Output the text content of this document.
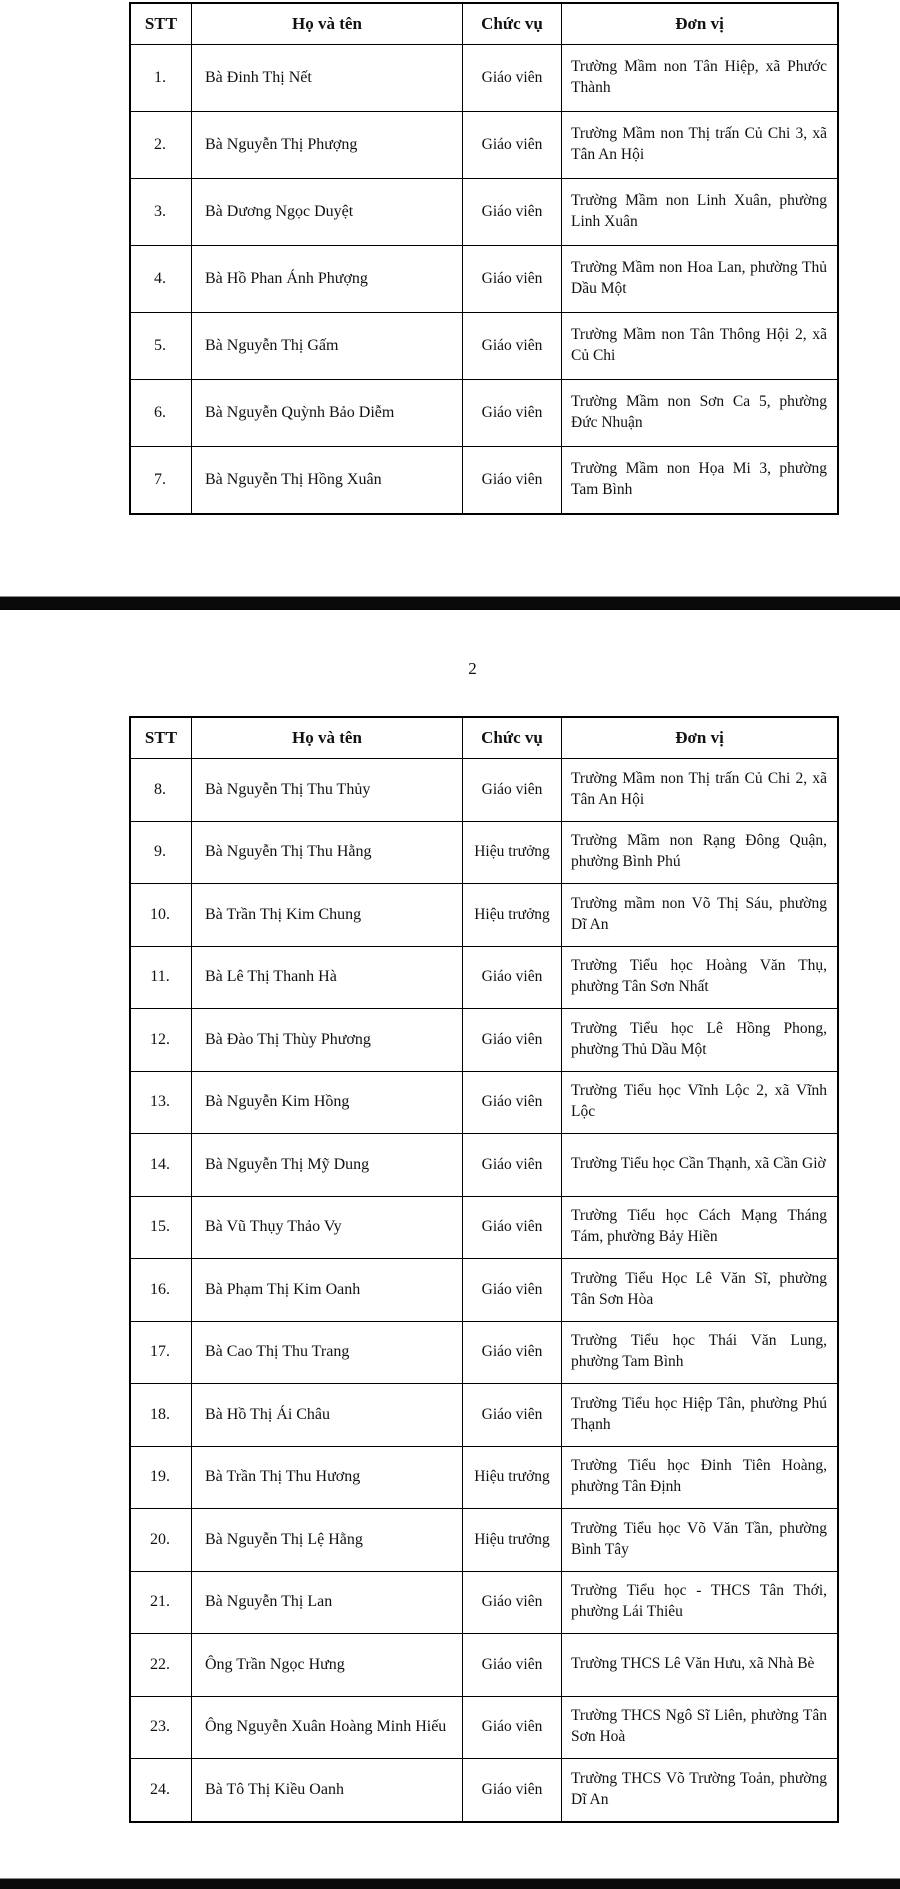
STT	Họ và tên	Chức vụ	Đơn vị
1.	Bà Đinh Thị Nết	Giáo viên	Trường Mầm non Tân Hiệp, xã Phước Thành
2.	Bà Nguyễn Thị Phượng	Giáo viên	Trường Mầm non Thị trấn Củ Chi 3, xã Tân An Hội
3.	Bà Dương Ngọc Duyệt	Giáo viên	Trường Mầm non Linh Xuân, phường Linh Xuân
4.	Bà Hồ Phan Ánh Phượng	Giáo viên	Trường Mầm non Hoa Lan, phường Thủ Dầu Một
5.	Bà Nguyễn Thị Gấm	Giáo viên	Trường Mầm non Tân Thông Hội 2, xã Củ Chi
6.	Bà Nguyễn Quỳnh Bảo Diễm	Giáo viên	Trường Mầm non Sơn Ca 5, phường Đức Nhuận
7.	Bà Nguyễn Thị Hồng Xuân	Giáo viên	Trường Mầm non Họa Mi 3, phường Tam Bình
2
STT	Họ và tên	Chức vụ	Đơn vị
8.	Bà Nguyễn Thị Thu Thủy	Giáo viên	Trường Mầm non Thị trấn Củ Chi 2, xã Tân An Hội
9.	Bà Nguyễn Thị Thu Hằng	Hiệu trưởng	Trường Mầm non Rạng Đông Quận, phường Bình Phú
10.	Bà Trần Thị Kim Chung	Hiệu trưởng	Trường mầm non Võ Thị Sáu, phường Dĩ An
11.	Bà Lê Thị Thanh Hà	Giáo viên	Trường Tiểu học Hoàng Văn Thụ, phường Tân Sơn Nhất
12.	Bà Đào Thị Thùy Phương	Giáo viên	Trường Tiểu học Lê Hồng Phong, phường Thủ Dầu Một
13.	Bà Nguyễn Kim Hồng	Giáo viên	Trường Tiểu học Vĩnh Lộc 2, xã Vĩnh Lộc
14.	Bà Nguyễn Thị Mỹ Dung	Giáo viên	Trường Tiểu học Cần Thạnh, xã Cần Giờ
15.	Bà Vũ Thụy Thảo Vy	Giáo viên	Trường Tiểu học Cách Mạng Tháng Tám, phường Bảy Hiền
16.	Bà Phạm Thị Kim Oanh	Giáo viên	Trường Tiểu Học Lê Văn Sĩ, phường Tân Sơn Hòa
17.	Bà Cao Thị Thu Trang	Giáo viên	Trường Tiểu học Thái Văn Lung, phường Tam Bình
18.	Bà Hồ Thị Ái Châu	Giáo viên	Trường Tiểu học Hiệp Tân, phường Phú Thạnh
19.	Bà Trần Thị Thu Hương	Hiệu trưởng	Trường Tiểu học Đinh Tiên Hoàng, phường Tân Định
20.	Bà Nguyễn Thị Lệ Hằng	Hiệu trưởng	Trường Tiểu học Võ Văn Tần, phường Bình Tây
21.	Bà Nguyễn Thị Lan	Giáo viên	Trường Tiểu học - THCS Tân Thới, phường Lái Thiêu
22.	Ông Trần Ngọc Hưng	Giáo viên	Trường THCS Lê Văn Hưu, xã Nhà Bè
23.	Ông Nguyễn Xuân Hoàng Minh Hiếu	Giáo viên	Trường THCS Ngô Sĩ Liên, phường Tân Sơn Hoà
24.	Bà Tô Thị Kiều Oanh	Giáo viên	Trường THCS Võ Trường Toản, phường Dĩ An
